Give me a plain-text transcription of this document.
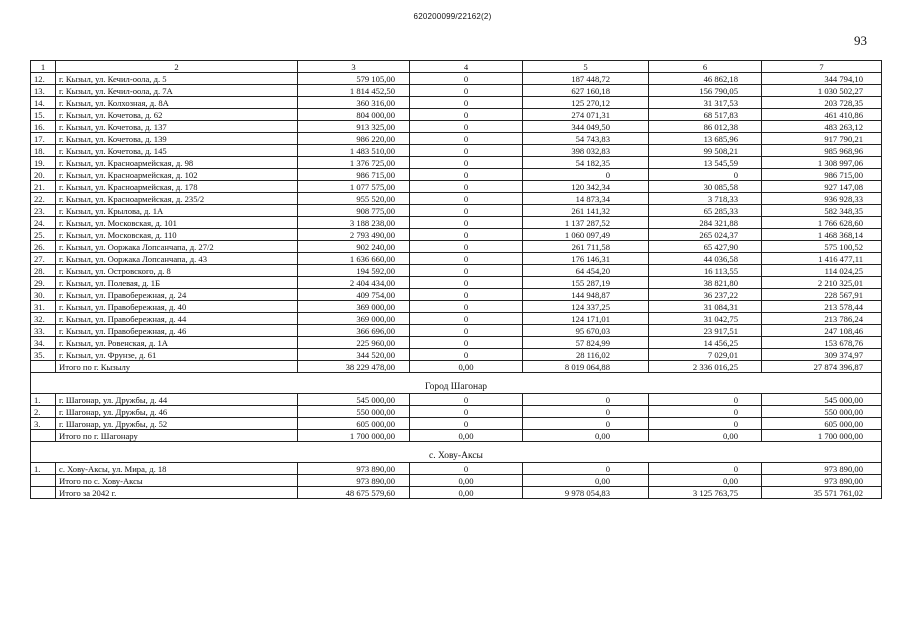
620200099/22162(2)
93
1	2	3	4	5	6	7
12.	г. Кызыл, ул. Кечил-оола, д. 5	579 105,00	0	187 448,72	46 862,18	344 794,10
13.	г. Кызыл, ул. Кечил-оола, д. 7А	1 814 452,50	0	627 160,18	156 790,05	1 030 502,27
14.	г. Кызыл, ул. Колхозная, д. 8А	360 316,00	0	125 270,12	31 317,53	203 728,35
15.	г. Кызыл, ул. Кочетова, д. 62	804 000,00	0	274 071,31	68 517,83	461 410,86
16.	г. Кызыл, ул. Кочетова, д. 137	913 325,00	0	344 049,50	86 012,38	483 263,12
17.	г. Кызыл, ул. Кочетова, д. 139	986 220,00	0	54 743,83	13 685,96	917 790,21
18.	г. Кызыл, ул. Кочетова, д. 145	1 483 510,00	0	398 032,83	99 508,21	985 968,96
19.	г. Кызыл, ул. Красноармейская, д. 98	1 376 725,00	0	54 182,35	13 545,59	1 308 997,06
20.	г. Кызыл, ул. Красноармейская, д. 102	986 715,00	0	0	0	986 715,00
21.	г. Кызыл, ул. Красноармейская, д. 178	1 077 575,00	0	120 342,34	30 085,58	927 147,08
22.	г. Кызыл, ул. Красноармейская, д. 235/2	955 520,00	0	14 873,34	3 718,33	936 928,33
23.	г. Кызыл, ул. Крылова, д. 1А	908 775,00	0	261 141,32	65 285,33	582 348,35
24.	г. Кызыл, ул. Московская, д. 101	3 188 238,00	0	1 137 287,52	284 321,88	1 766 628,60
25.	г. Кызыл, ул. Московская, д. 110	2 793 490,00	0	1 060 097,49	265 024,37	1 468 368,14
26.	г. Кызыл, ул. Ооржака Лопсанчапа, д. 27/2	902 240,00	0	261 711,58	65 427,90	575 100,52
27.	г. Кызыл, ул. Ооржака Лопсанчапа, д. 43	1 636 660,00	0	176 146,31	44 036,58	1 416 477,11
28.	г. Кызыл, ул. Островского, д. 8	194 592,00	0	64 454,20	16 113,55	114 024,25
29.	г. Кызыл, ул. Полевая, д. 1Б	2 404 434,00	0	155 287,19	38 821,80	2 210 325,01
30.	г. Кызыл, ул. Правобережная, д. 24	409 754,00	0	144 948,87	36 237,22	228 567,91
31.	г. Кызыл, ул. Правобережная, д. 40	369 000,00	0	124 337,25	31 084,31	213 578,44
32.	г. Кызыл, ул. Правобережная, д. 44	369 000,00	0	124 171,01	31 042,75	213 786,24
33.	г. Кызыл, ул. Правобережная, д. 46	366 696,00	0	95 670,03	23 917,51	247 108,46
34.	г. Кызыл, ул. Ровенская, д. 1А	225 960,00	0	57 824,99	14 456,25	153 678,76
35.	г. Кызыл, ул. Фрунзе, д. 61	344 520,00	0	28 116,02	7 029,01	309 374,97
	Итого по г. Кызылу	38 229 478,00	0,00	8 019 064,88	2 336 016,25	27 874 396,87
Город Шагонар						
1.	г. Шагонар, ул. Дружбы, д. 44	545 000,00	0	0	0	545 000,00
2.	г. Шагонар, ул. Дружбы, д. 46	550 000,00	0	0	0	550 000,00
3.	г. Шагонар, ул. Дружбы, д. 52	605 000,00	0	0	0	605 000,00
	Итого по г. Шагонару	1 700 000,00	0,00	0,00	0,00	1 700 000,00
с. Хову-Аксы						
1.	с. Хову-Аксы, ул. Мира, д. 18	973 890,00	0	0	0	973 890,00
	Итого по с. Хову-Аксы	973 890,00	0,00	0,00	0,00	973 890,00
	Итого за 2042 г.	48 675 579,60	0,00	9 978 054,83	3 125 763,75	35 571 761,02
